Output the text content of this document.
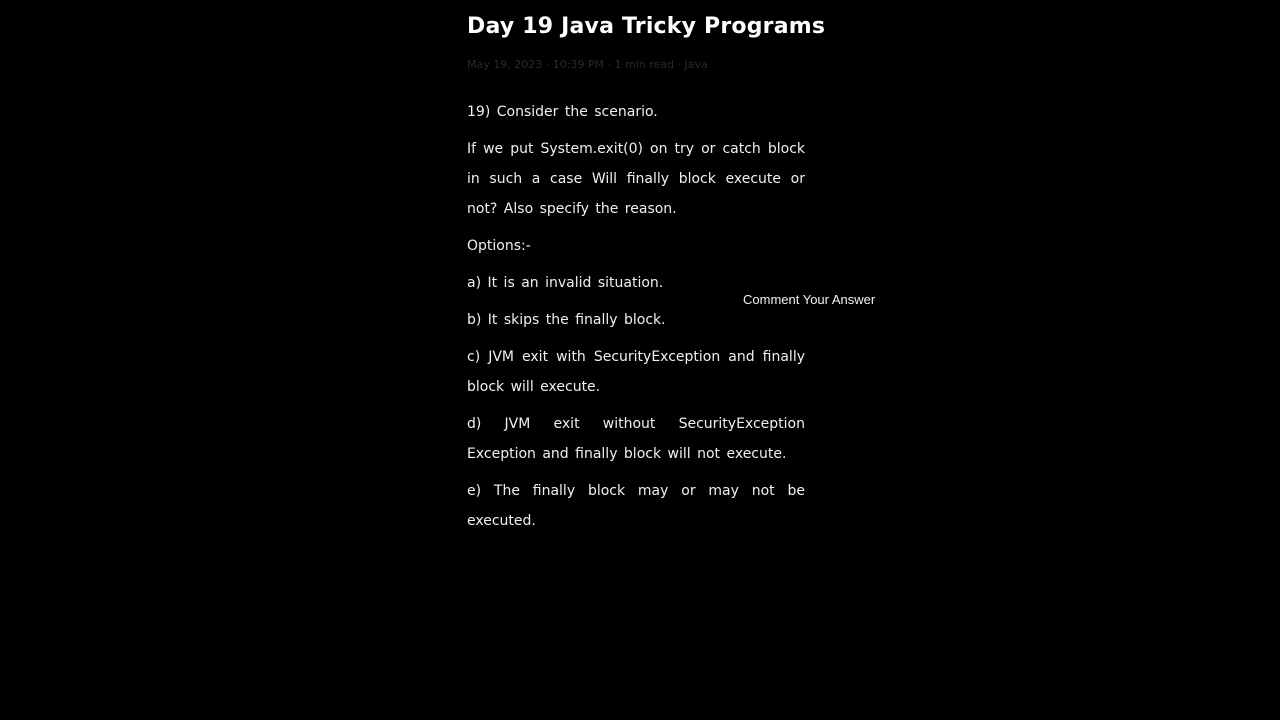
Day 19 Java Tricky Programs
May 19, 2023 · 10:39 PM · 1 min read · Java

19) Consider the scenario.

If we put System.exit(0) on try or catch block in such a case Will finally block execute or not? Also specify the reason.

Options:-

a) It is an invalid situation.

b) It skips the finally block.

c) JVM exit with SecurityException and finally block will execute.

d) JVM exit without SecurityException Exception and finally block will not execute.

e) The finally block may or may not be executed.

Comment Your Answer
